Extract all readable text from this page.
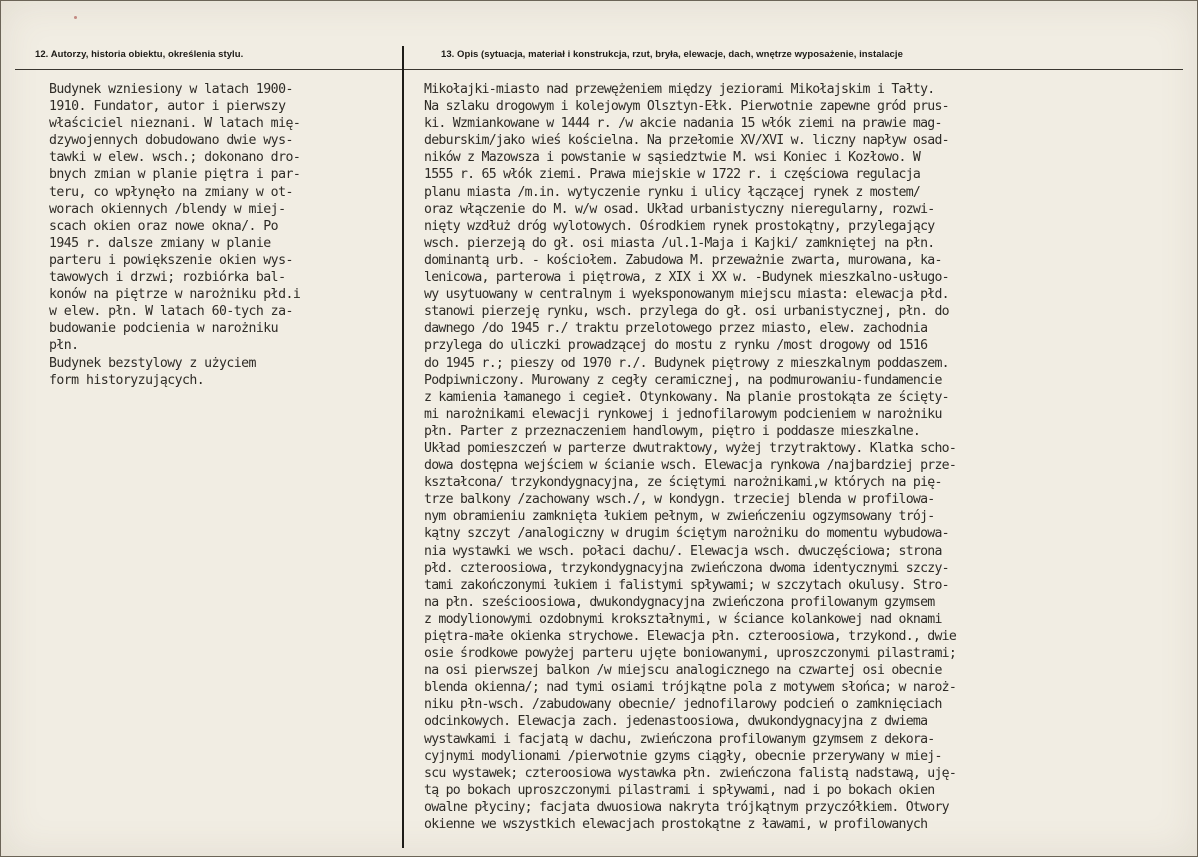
12. Autorzy, historia obiektu, określenia stylu.	13. Opis (sytuacja, materiał i konstrukcja, rzut, bryła, elewacje, dach, wnętrze wyposażenie, instalacje
Budynek wzniesiony w latach 1900-
1910. Fundator, autor i pierwszy
właściciel nieznani. W latach mię-
dzywojennych dobudowano dwie wys-
tawki w elew. wsch.; dokonano dro-
bnych zmian w planie piętra i par-
teru, co wpłynęło na zmiany w ot-
worach okiennych /blendy w miej-
scach okien oraz nowe okna/. Po
1945 r. dalsze zmiany w planie
parteru i powiększenie okien wys-
tawowych i drzwi; rozbiórka bal-
konów na piętrze w narożniku płd.i
w elew. płn. W latach 60-tych za-
budowanie podcienia w narożniku
płn.
Budynek bezstylowy z użyciem
form historyzujących.
Mikołajki-miasto nad przewężeniem między jeziorami Mikołajskim i Tałty.
Na szlaku drogowym i kolejowym Olsztyn-Ełk. Pierwotnie zapewne gród prus-
ki. Wzmiankowane w 1444 r. /w akcie nadania 15 włók ziemi na prawie mag-
deburskim/jako wieś kościelna. Na przełomie XV/XVI w. liczny napływ osad-
ników z Mazowsza i powstanie w sąsiedztwie M. wsi Koniec i Kozłowo. W
1555 r. 65 włók ziemi. Prawa miejskie w 1722 r. i częściowa regulacja
planu miasta /m.in. wytyczenie rynku i ulicy łączącej rynek z mostem/
oraz włączenie do M. w/w osad. Układ urbanistyczny nieregularny, rozwi-
nięty wzdłuż dróg wylotowych. Ośrodkiem rynek prostokątny, przylegający
wsch. pierzeją do gł. osi miasta /ul.1-Maja i Kajki/ zamkniętej na płn.
dominantą urb. - kościołem. Zabudowa M. przeważnie zwarta, murowana, ka-
lenicowa, parterowa i piętrowa, z XIX i XX w. -Budynek mieszkalno-usługo-
wy usytuowany w centralnym i wyeksponowanym miejscu miasta: elewacja płd.
stanowi pierzeję rynku, wsch. przylega do gł. osi urbanistycznej, płn. do
dawnego /do 1945 r./ traktu przelotowego przez miasto, elew. zachodnia
przylega do uliczki prowadzącej do mostu z rynku /most drogowy od 1516
do 1945 r.; pieszy od 1970 r./. Budynek piętrowy z mieszkalnym poddaszem.
Podpiwniczony. Murowany z cegły ceramicznej, na podmurowaniu-fundamencie
z kamienia łamanego i cegieł. Otynkowany. Na planie prostokąta ze ścięty-
mi narożnikami elewacji rynkowej i jednofilarowym podcieniem w narożniku
płn. Parter z przeznaczeniem handlowym, piętro i poddasze mieszkalne.
Układ pomieszczeń w parterze dwutraktowy, wyżej trzytraktowy. Klatka scho-
dowa dostępna wejściem w ścianie wsch. Elewacja rynkowa /najbardziej prze-
kształcona/ trzykondygnacyjna, ze ściętymi narożnikami,w których na pię-
trze balkony /zachowany wsch./, w kondygn. trzeciej blenda w profilowa-
nym obramieniu zamknięta łukiem pełnym, w zwieńczeniu ogzymsowany trój-
kątny szczyt /analogiczny w drugim ściętym narożniku do momentu wybudowa-
nia wystawki we wsch. połaci dachu/. Elewacja wsch. dwuczęściowa; strona
płd. czteroosiowa, trzykondygnacyjna zwieńczona dwoma identycznymi szczy-
tami zakończonymi łukiem i falistymi spływami; w szczytach okulusy. Stro-
na płn. sześcioosiowa, dwukondygnacyjna zwieńczona profilowanym gzymsem
z modylionowymi ozdobnymi krokształnymi, w ściance kolankowej nad oknami
piętra-małe okienka strychowe. Elewacja płn. czteroosiowa, trzykond., dwie
osie środkowe powyżej parteru ujęte boniowanymi, uproszczonymi pilastrami;
na osi pierwszej balkon /w miejscu analogicznego na czwartej osi obecnie
blenda okienna/; nad tymi osiami trójkątne pola z motywem słońca; w naroż-
niku płn-wsch. /zabudowany obecnie/ jednofilarowy podcień o zamknięciach
odcinkowych. Elewacja zach. jedenastoosiowa, dwukondygnacyjna z dwiema
wystawkami i facjatą w dachu, zwieńczona profilowanym gzymsem z dekora-
cyjnymi modylionami /pierwotnie gzyms ciągły, obecnie przerywany w miej-
scu wystawek; czteroosiowa wystawka płn. zwieńczona falistą nadstawą, uję-
tą po bokach uproszczonymi pilastrami i spływami, nad i po bokach okien
owalne płyciny; facjata dwuosiowa nakryta trójkątnym przyczółkiem. Otwory
okienne we wszystkich elewacjach prostokątne z ławami, w profilowanych
